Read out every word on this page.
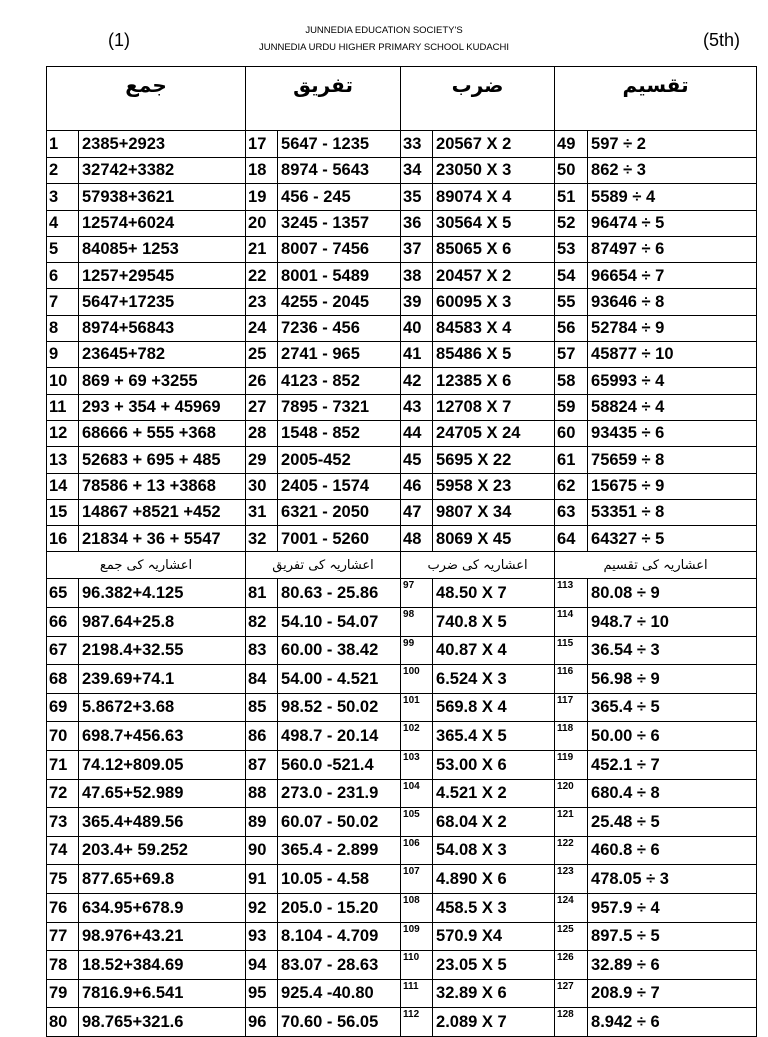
(1)	JUNNEDIA EDUCATION SOCIETY'S
JUNNEDIA URDU HIGHER PRIMARY SCHOOL KUDACHI	(5th)
جمع		تفریق		ضرب		تقسیم	
1	2385+2923	17	5647 - 1235	33	20567 X 2	49	597 ÷ 2
2	32742+3382	18	8974 - 5643	34	23050 X 3	50	862 ÷ 3
3	57938+3621	19	456 - 245	35	89074 X 4	51	5589 ÷ 4
4	12574+6024	20	3245 - 1357	36	30564 X 5	52	96474 ÷ 5
5	84085+ 1253	21	8007 - 7456	37	85065 X 6	53	87497 ÷ 6
6	1257+29545	22	8001 - 5489	38	20457 X 2	54	96654 ÷ 7
7	5647+17235	23	4255 - 2045	39	60095 X 3	55	93646 ÷ 8
8	8974+56843	24	7236 - 456	40	84583 X 4	56	52784 ÷ 9
9	23645+782	25	2741 - 965	41	85486 X 5	57	45877 ÷ 10
10	869 + 69 +3255	26	4123 - 852	42	12385 X 6	58	65993 ÷ 4
11	293 + 354 + 45969	27	7895 - 7321	43	12708 X 7	59	58824 ÷ 4
12	68666 + 555 +368	28	1548 - 852	44	24705 X 24	60	93435 ÷ 6
13	52683 + 695 + 485	29	2005-452	45	5695 X 22	61	75659 ÷ 8
14	78586 + 13 +3868	30	2405 - 1574	46	5958 X 23	62	15675 ÷ 9
15	14867 +8521 +452	31	6321 - 2050	47	9807 X 34	63	53351 ÷ 8
16	21834 + 36 + 5547	32	7001 - 5260	48	8069 X 45	64	64327 ÷ 5
اعشاریہ کی جمع		اعشاریہ کی تفریق		اعشاریہ کی ضرب		اعشاریہ کی تقسیم	
65	96.382+4.125	81	80.63 - 25.86	97	48.50 X 7	113	80.08 ÷ 9
66	987.64+25.8	82	54.10 - 54.07	98	740.8 X 5	114	948.7 ÷ 10
67	2198.4+32.55	83	60.00 - 38.42	99	40.87 X 4	115	36.54 ÷ 3
68	239.69+74.1	84	54.00 - 4.521	100	6.524 X 3	116	56.98 ÷ 9
69	5.8672+3.68	85	98.52 - 50.02	101	569.8 X 4	117	365.4 ÷ 5
70	698.7+456.63	86	498.7 - 20.14	102	365.4 X 5	118	50.00 ÷ 6
71	74.12+809.05	87	560.0 -521.4	103	53.00 X 6	119	452.1 ÷ 7
72	47.65+52.989	88	273.0 - 231.9	104	4.521 X 2	120	680.4 ÷ 8
73	365.4+489.56	89	60.07 - 50.02	105	68.04 X 2	121	25.48 ÷ 5
74	203.4+ 59.252	90	365.4 - 2.899	106	54.08 X 3	122	460.8 ÷ 6
75	877.65+69.8	91	10.05 - 4.58	107	4.890 X 6	123	478.05 ÷ 3
76	634.95+678.9	92	205.0 - 15.20	108	458.5 X 3	124	957.9 ÷ 4
77	98.976+43.21	93	8.104 - 4.709	109	570.9 X4	125	897.5 ÷ 5
78	18.52+384.69	94	83.07 - 28.63	110	23.05 X 5	126	32.89 ÷ 6
79	7816.9+6.541	95	925.4 -40.80	111	32.89 X 6	127	208.9 ÷ 7
80	98.765+321.6	96	70.60 - 56.05	112	2.089 X 7	128	8.942 ÷ 6
